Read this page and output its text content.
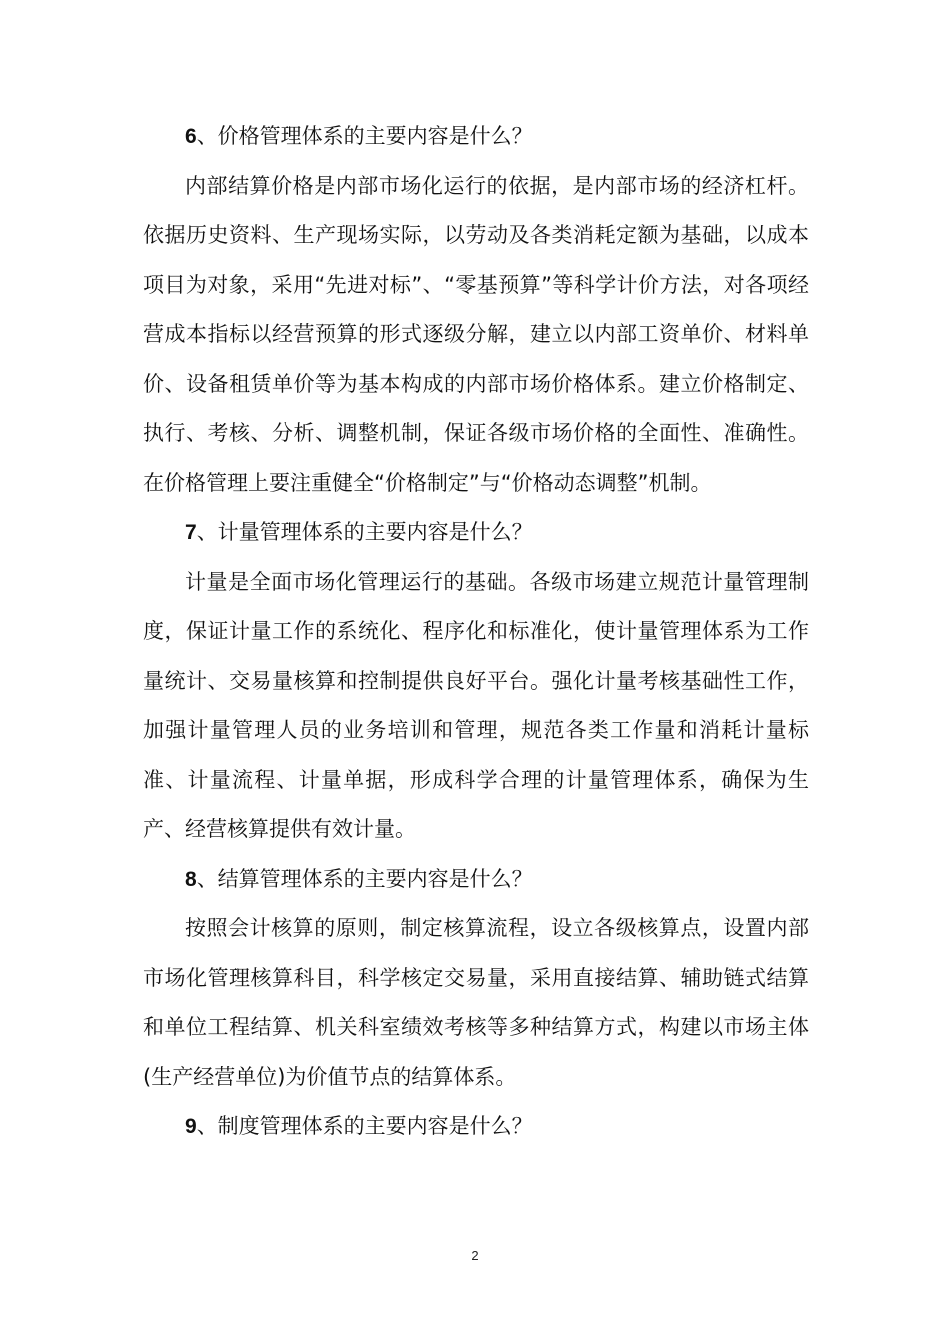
6、价格管理体系的主要内容是什么？

内部结算价格是内部市场化运行的依据，是内部市场的经济杠杆。依据历史资料、生产现场实际，以劳动及各类消耗定额为基础，以成本项目为对象，采用“先进对标”、“零基预算”等科学计价方法，对各项经营成本指标以经营预算的形式逐级分解，建立以内部工资单价、材料单价、设备租赁单价等为基本构成的内部市场价格体系。建立价格制定、执行、考核、分析、调整机制，保证各级市场价格的全面性、准确性。在价格管理上要注重健全“价格制定”与“价格动态调整”机制。

7、计量管理体系的主要内容是什么？

计量是全面市场化管理运行的基础。各级市场建立规范计量管理制度，保证计量工作的系统化、程序化和标准化，使计量管理体系为工作量统计、交易量核算和控制提供良好平台。强化计量考核基础性工作，加强计量管理人员的业务培训和管理，规范各类工作量和消耗计量标准、计量流程、计量单据，形成科学合理的计量管理体系，确保为生产、经营核算提供有效计量。

8、结算管理体系的主要内容是什么？

按照会计核算的原则，制定核算流程，设立各级核算点，设置内部市场化管理核算科目，科学核定交易量，采用直接结算、辅助链式结算和单位工程结算、机关科室绩效考核等多种结算方式，构建以市场主体(生产经营单位)为价值节点的结算体系。

9、制度管理体系的主要内容是什么？

2
